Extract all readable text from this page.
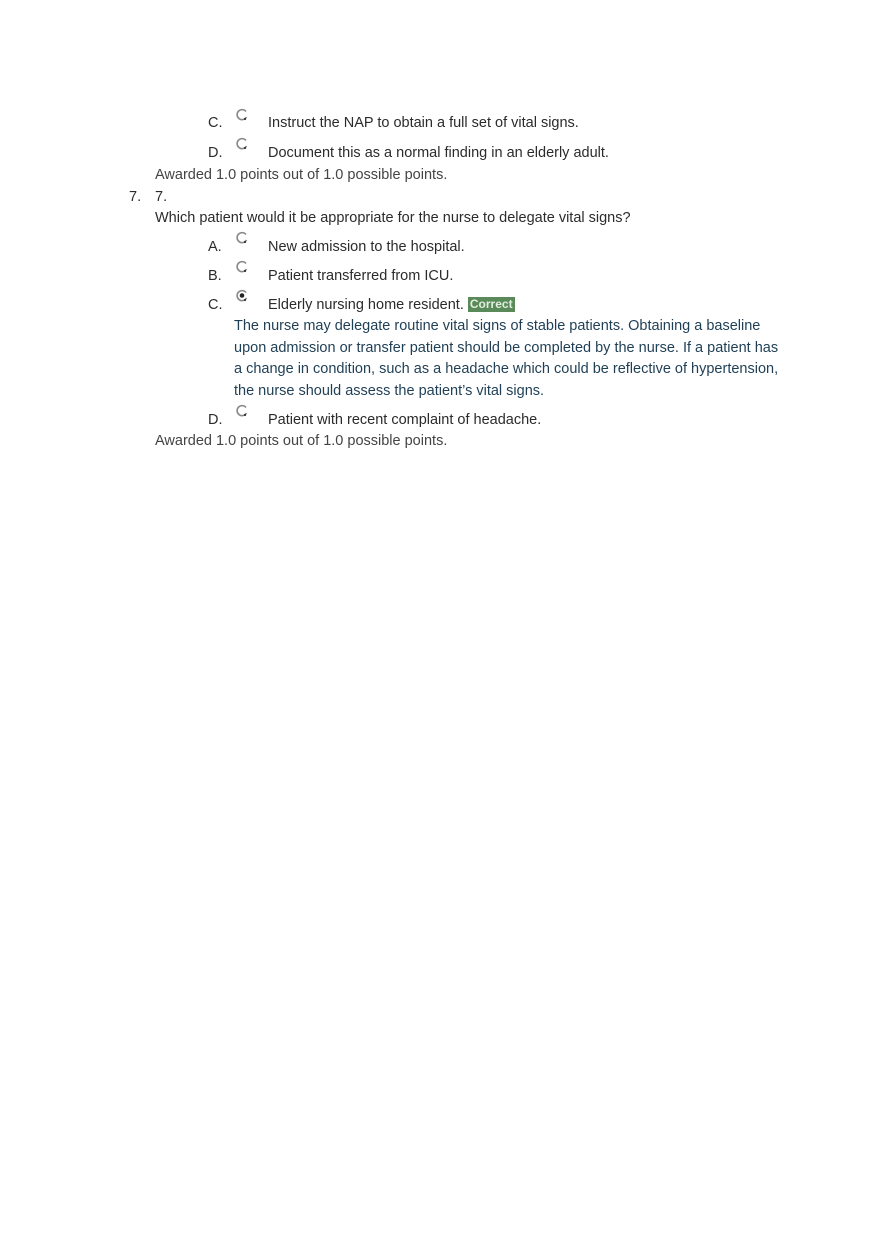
C.	Instruct the NAP to obtain a full set of vital signs.
D.	Document this as a normal finding in an elderly adult.
Awarded 1.0 points out of 1.0 possible points.
7. 7.
Which patient would it be appropriate for the nurse to delegate vital signs?
A.	New admission to the hospital.
B.	Patient transferred from ICU.
C.	Elderly nursing home resident. Correct
The nurse may delegate routine vital signs of stable patients. Obtaining a baseline upon admission or transfer patient should be completed by the nurse. If a patient has a change in condition, such as a headache which could be reflective of hypertension, the nurse should assess the patient’s vital signs.
D.	Patient with recent complaint of headache.
Awarded 1.0 points out of 1.0 possible points.
